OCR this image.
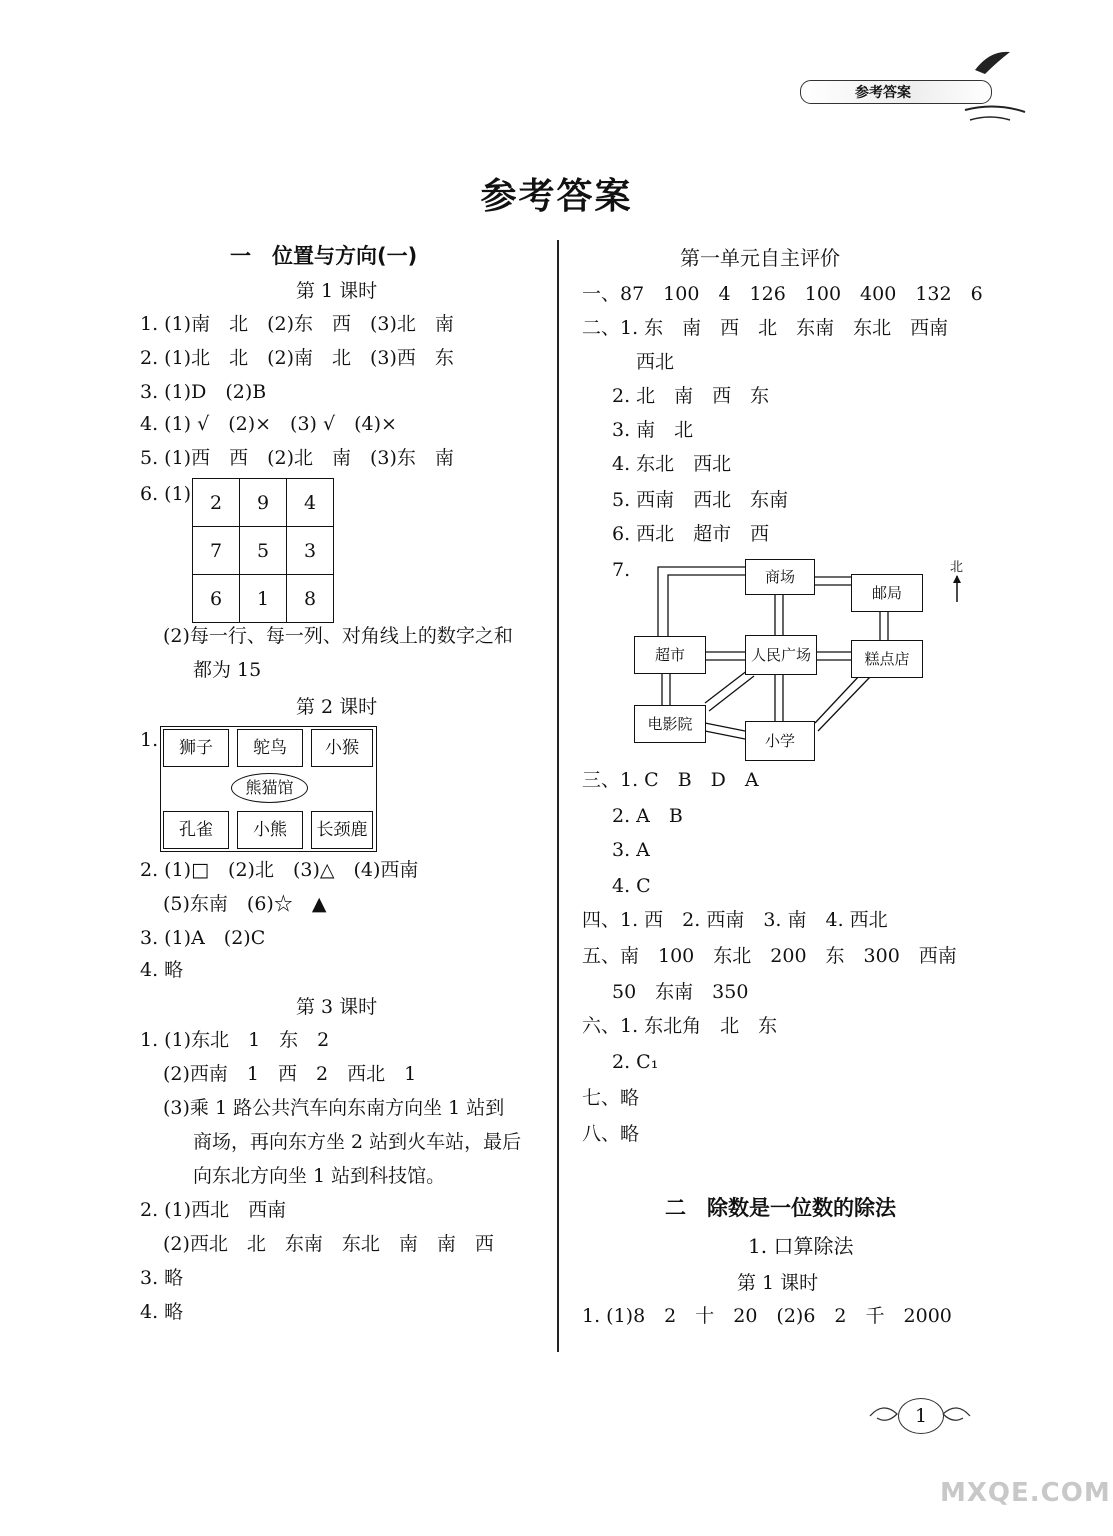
参考答案
参考答案
一　位置与方向(一)
第 1 课时
1. (1)南　北　(2)东　西　(3)北　南
2. (1)北　北　(2)南　北　(3)西　东
3. (1)D　(2)B
4. (1) √　(2)×　(3) √　(4)×
5. (1)西　西　(2)北　南　(3)东　南
6. (1) 2	9	4
7	5	3
6	1	8
(2)每一行、每一列、对角线上的数字之和
都为 15
第 2 课时
1.	狮子	鸵鸟	小猴
熊猫馆
孔雀	小熊	长颈鹿
2. (1)□　(2)北　(3)△　(4)西南
(5)东南　(6)☆　▲
3. (1)A　(2)C
4. 略
第 3 课时
1. (1)东北　1　东　2
(2)西南　1　西　2　西北　1
(3)乘 1 路公共汽车向东南方向坐 1 站到
商场，再向东方坐 2 站到火车站，最后
向东北方向坐 1 站到科技馆。
2. (1)西北　西南
(2)西北　北　东南　东北　南　南　西
3. 略
4. 略
第一单元自主评价
一、87　100　4　126　100　400　132　6
二、1. 东　南　西　北　东南　东北　西南
西北
2. 北　南　西　东
3. 南　北
4. 东北　西北
5. 西南　西北　东南
6. 西北　超市　西
7.	商场
邮局
超市	人民广场	糕点店
电影院
小学
北
三、1. C　B　D　A
2. A　B
3. A
4. C
四、1. 西　2. 西南　3. 南　4. 西北
五、南　100　东北　200　东　300　西南
50　东南　350
六、1. 东北角　北　东
2. C₁
七、略
八、略
二　除数是一位数的除法
1. 口算除法
第 1 课时
1. (1)8　2　十　20　(2)6　2　千　2000
1
MXQE.COM
